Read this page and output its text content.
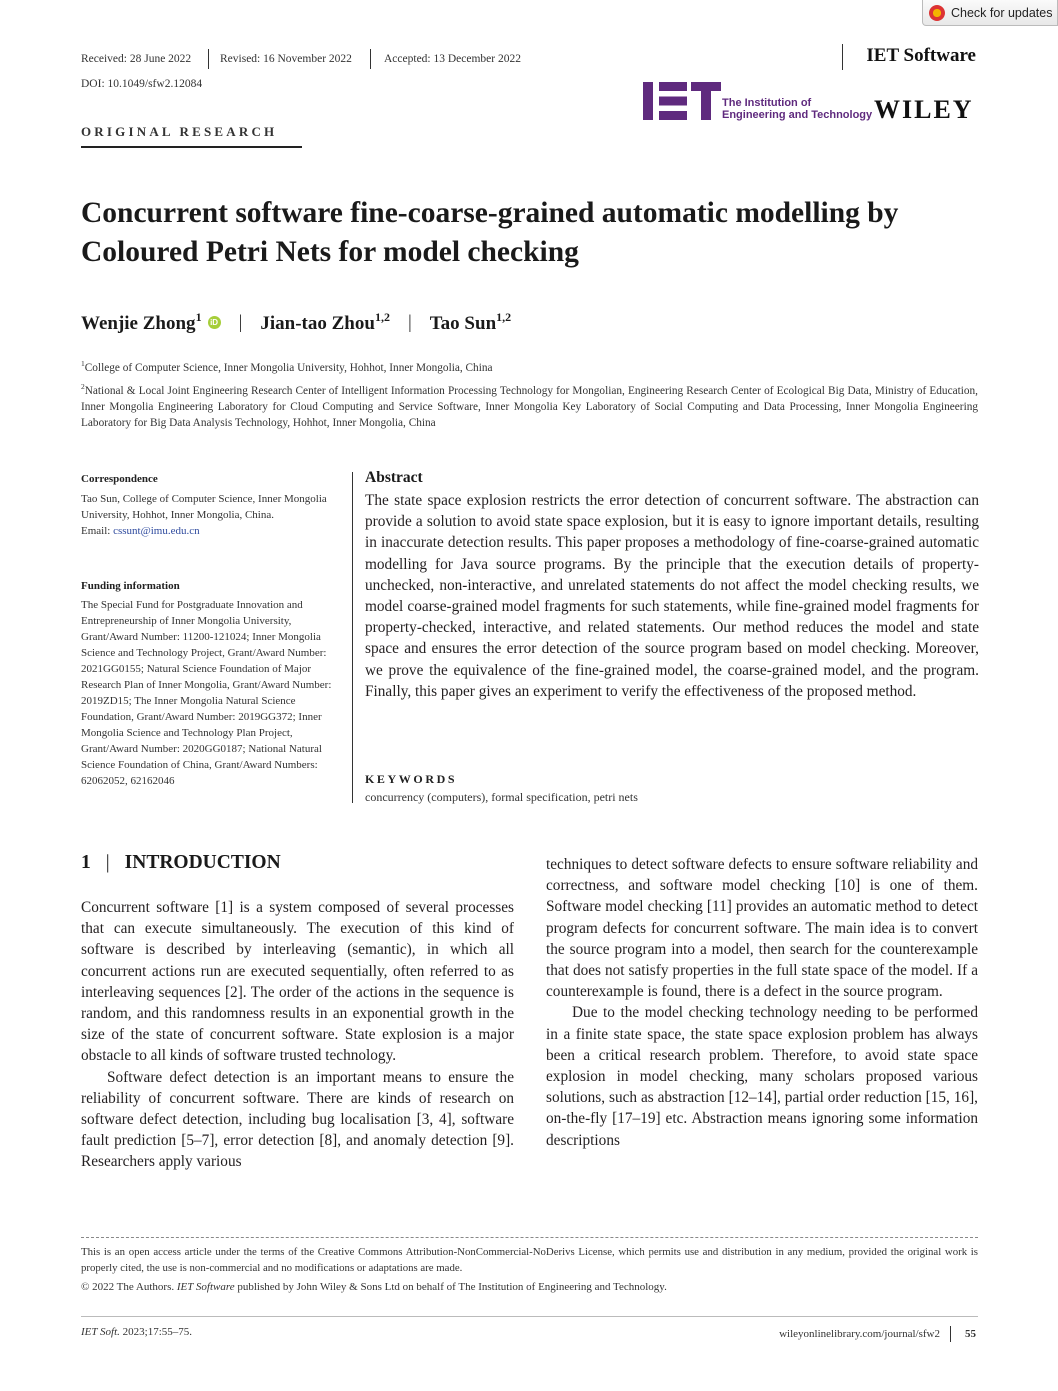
Check for updates
Received: 28 June 2022	Revised: 16 November 2022	Accepted: 13 December 2022	IET Software
DOI: 10.1049/sfw2.12084
The Institution of
Engineering and Technology WILEY
ORIGINAL RESEARCH
Concurrent software fine-coarse-grained automatic modelling by Coloured Petri Nets for model checking
Wenjie Zhong$^1$	iD | Jian-tao Zhou$^{1,2}$ | Tao Sun$^{1,2}$
$^1$College of Computer Science, Inner Mongolia University, Hohhot, Inner Mongolia, China
$^2$National & Local Joint Engineering Research Center of Intelligent Information Processing Technology for Mongolian, Engineering Research Center of Ecological Big Data, Ministry of Education, Inner Mongolia Engineering Laboratory for Cloud Computing and Service Software, Inner Mongolia Key Laboratory of Social Computing and Data Processing, Inner Mongolia Engineering Laboratory for Big Data Analysis Technology, Hohhot, Inner Mongolia, China
Correspondence
Tao Sun, College of Computer Science, Inner Mongolia University, Hohhot, Inner Mongolia, China.
Email: cssunt@imu.edu.cn
Funding information
The Special Fund for Postgraduate Innovation and Entrepreneurship of Inner Mongolia University, Grant/Award Number: 11200-121024; Inner Mongolia Science and Technology Project, Grant/Award Number: 2021GG0155; Natural Science Foundation of Major Research Plan of Inner Mongolia, Grant/Award Number: 2019ZD15; The Inner Mongolia Natural Science Foundation, Grant/Award Number: 2019GG372; Inner Mongolia Science and Technology Plan Project, Grant/Award Number: 2020GG0187; National Natural Science Foundation of China, Grant/Award Numbers: 62062052, 62162046
Abstract
The state space explosion restricts the error detection of concurrent software. The abstraction can provide a solution to avoid state space explosion, but it is easy to ignore important details, resulting in inaccurate detection results. This paper proposes a methodology of fine-coarse-grained automatic modelling for Java source programs. By the principle that the execution details of property-unchecked, non-interactive, and unrelated statements do not affect the model checking results, we model coarse-grained model fragments for such statements, while fine-grained model fragments for property-checked, interactive, and related statements. Our method reduces the model and state space and ensures the error detection of the source program based on model checking. Moreover, we prove the equivalence of the fine-grained model, the coarse-grained model, and the program. Finally, this paper gives an experiment to verify the effectiveness of the proposed method.
KEYWORDS
concurrency (computers), formal specification, petri nets
1 | INTRODUCTION

Concurrent software [1] is a system composed of several processes that can execute simultaneously. The execution of this kind of software is described by interleaving (semantic), in which all concurrent actions run are executed sequentially, often referred to as interleaving sequences [2]. The order of the actions in the sequence is random, and this randomness results in an exponential growth in the size of the state of concurrent software. State explosion is a major obstacle to all kinds of software trusted technology.

Software defect detection is an important means to ensure the reliability of concurrent software. There are kinds of research on software defect detection, including bug localisation [3, 4], software fault prediction [5–7], error detection [8], and anomaly detection [9]. Researchers apply various

techniques to detect software defects to ensure software reliability and correctness, and software model checking [10] is one of them. Software model checking [11] provides an automatic method to detect program defects for concurrent software. The main idea is to convert the source program into a model, then search for the counterexample that does not satisfy properties in the full state space of the model. If a counterexample is found, there is a defect in the source program.

Due to the model checking technology needing to be performed in a finite state space, the state space explosion problem has always been a critical research problem. Therefore, to avoid state space explosion in model checking, many scholars proposed various solutions, such as abstraction [12–14], partial order reduction [15, 16], on-the-fly [17–19] etc. Abstraction means ignoring some information descriptions

This is an open access article under the terms of the Creative Commons Attribution-NonCommercial-NoDerivs License, which permits use and distribution in any medium, provided the original work is properly cited, the use is non-commercial and no modifications or adaptations are made.
© 2022 The Authors. IET Software published by John Wiley & Sons Ltd on behalf of The Institution of Engineering and Technology.
IET Soft. 2023;17:55–75.	wileyonlinelibrary.com/journal/sfw2	55
